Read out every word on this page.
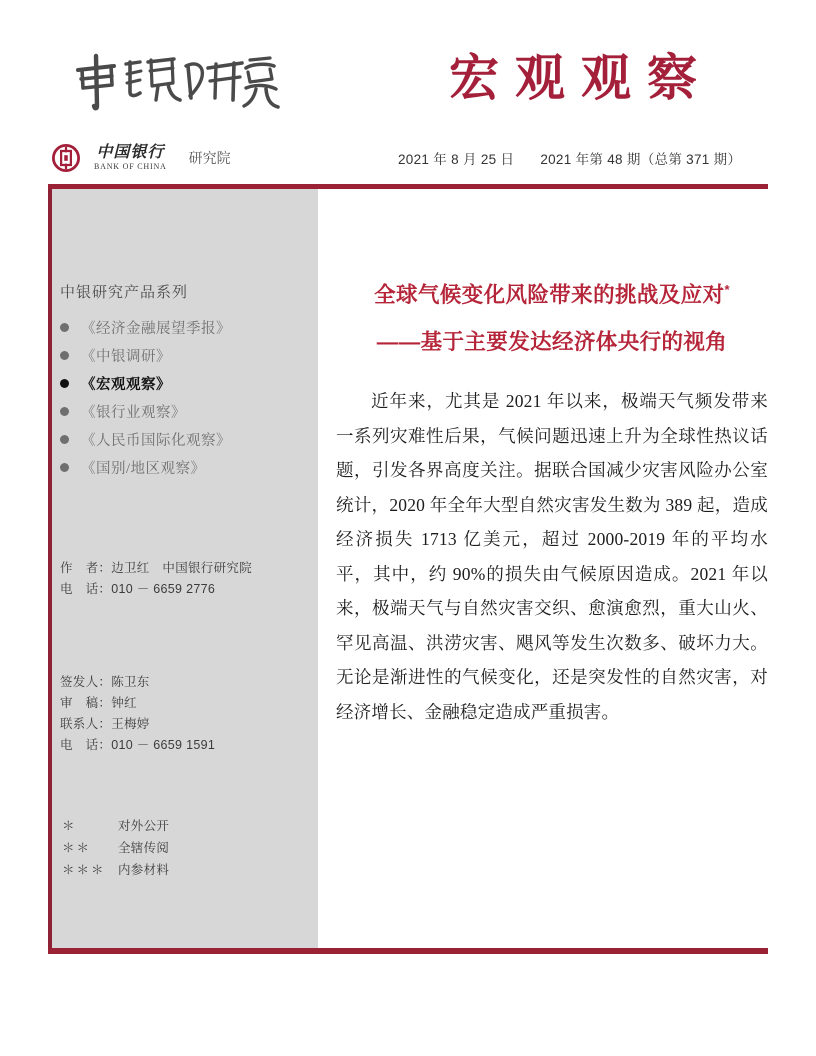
宏观观察
中国银行
BANK OF CHINA
研究院	2021 年 8 月 25 日 2021 年第 48 期（总第 371 期）
中银研究产品系列
《经济金融展望季报》
《中银调研》
《宏观观察》
《银行业观察》
《人民币国际化观察》
《国别/地区观察》
作　者：边卫红　中国银行研究院
电　话：010 － 6659 2776
签发人：陈卫东
审　稿：钟红
联系人：王梅婷
电　话：010 － 6659 1591
＊	对外公开
＊＊	全辖传阅
＊＊＊ 内参材料
全球气候变化风险带来的挑战及应对*
——基于主要发达经济体央行的视角

近年来，尤其是 2021 年以来，极端天气频发带来一系列灾难性后果，气候问题迅速上升为全球性热议话题，引发各界高度关注。据联合国减少灾害风险办公室统计，2020 年全年大型自然灾害发生数为 389 起，造成经济损失 1713 亿美元，超过 2000-2019 年的平均水平，其中，约 90%的损失由气候原因造成。2021 年以来，极端天气与自然灾害交织、愈演愈烈，重大山火、罕见高温、洪涝灾害、飓风等发生次数多、破坏力大。无论是渐进性的气候变化，还是突发性的自然灾害，对经济增长、金融稳定造成严重损害。
